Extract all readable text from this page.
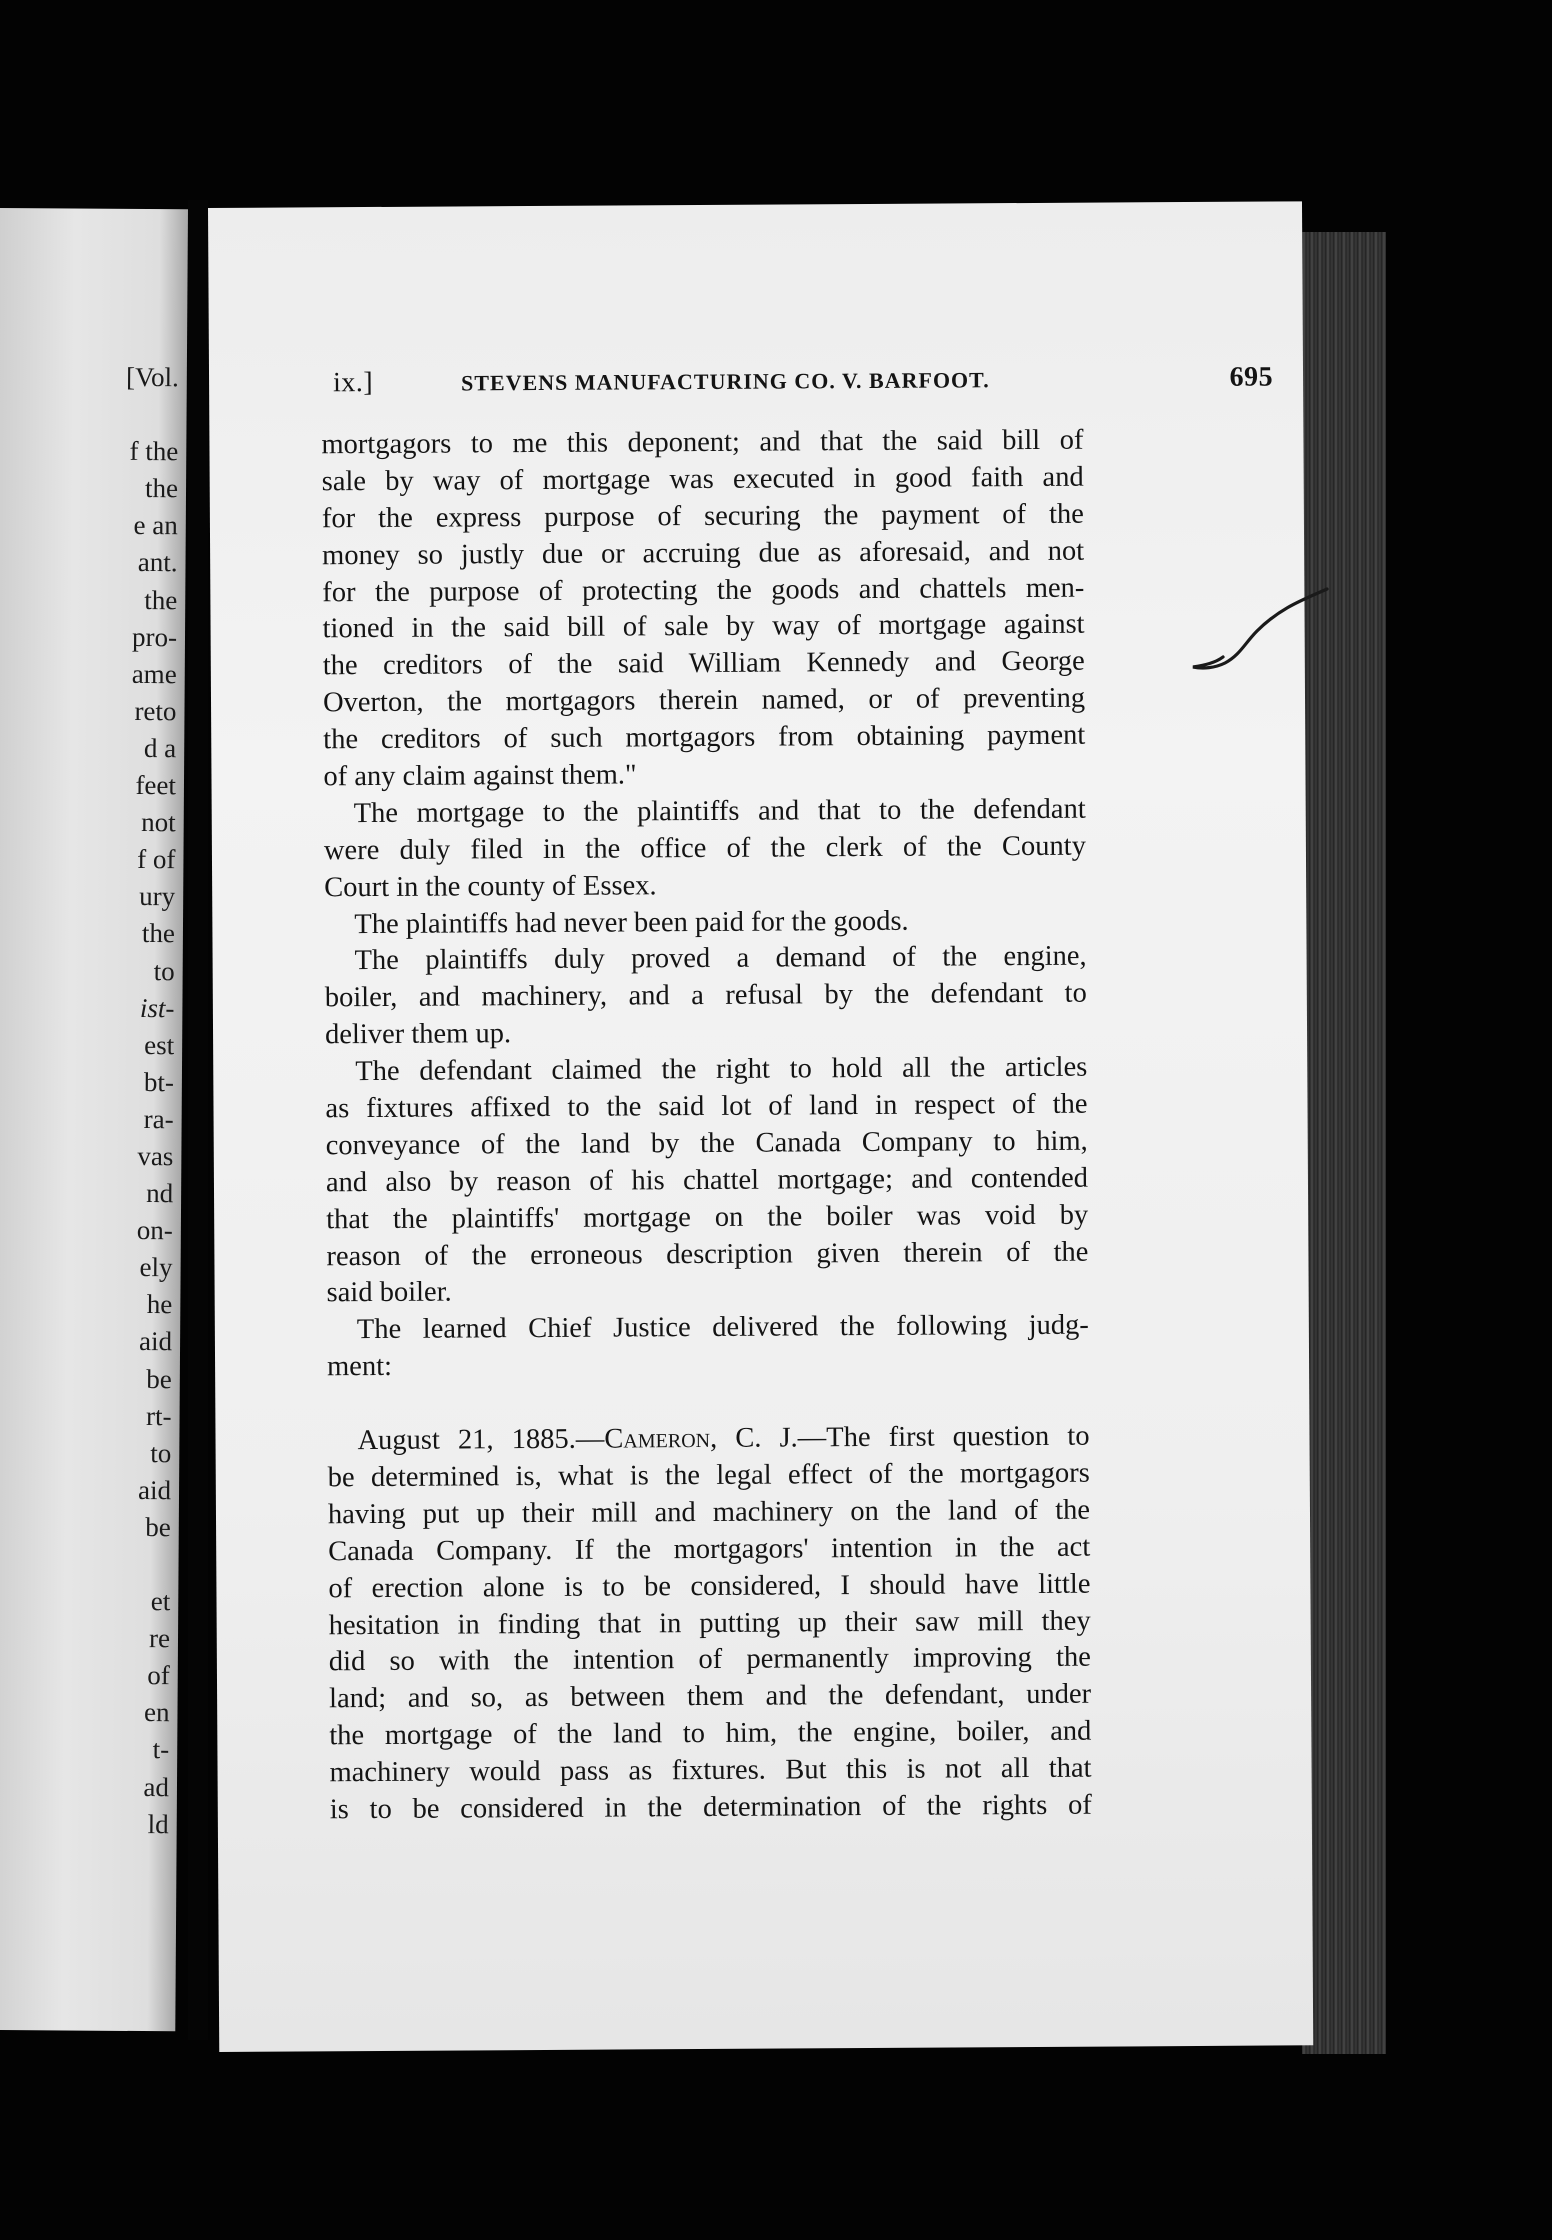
[Vol.
f the
the
e an
ant.
the
pro-
ame
reto
d a
feet
not
f of
ury
the
to
ist-
est
bt-
ra-
vas
nd
on-
ely
he
aid
be
rt-
to
aid
be
et
re
of
en
t-
ad
ld
ix.]	STEVENS MANUFACTURING CO. V. BARFOOT.	695
mortgagors to me this deponent; and that the said bill of
sale by way of mortgage was executed in good faith and
for the express purpose of securing the payment of the
money so justly due or accruing due as aforesaid, and not
for the purpose of protecting the goods and chattels men-
tioned in the said bill of sale by way of mortgage against
the creditors of the said William Kennedy and George
Overton, the mortgagors therein named, or of preventing
the creditors of such mortgagors from obtaining payment
of any claim against them."
The mortgage to the plaintiffs and that to the defendant
were duly filed in the office of the clerk of the County
Court in the county of Essex.
The plaintiffs had never been paid for the goods.
The plaintiffs duly proved a demand of the engine,
boiler, and machinery, and a refusal by the defendant to
deliver them up.
The defendant claimed the right to hold all the articles
as fixtures affixed to the said lot of land in respect of the
conveyance of the land by the Canada Company to him,
and also by reason of his chattel mortgage; and contended
that the plaintiffs' mortgage on the boiler was void by
reason of the erroneous description given therein of the
said boiler.
The learned Chief Justice delivered the following judg-
ment:
August 21, 1885.—Cameron, C. J.—The first question to
be determined is, what is the legal effect of the mortgagors
having put up their mill and machinery on the land of the
Canada Company. If the mortgagors' intention in the act
of erection alone is to be considered, I should have little
hesitation in finding that in putting up their saw mill they
did so with the intention of permanently improving the
land; and so, as between them and the defendant, under
the mortgage of the land to him, the engine, boiler, and
machinery would pass as fixtures. But this is not all that
is to be considered in the determination of the rights of
